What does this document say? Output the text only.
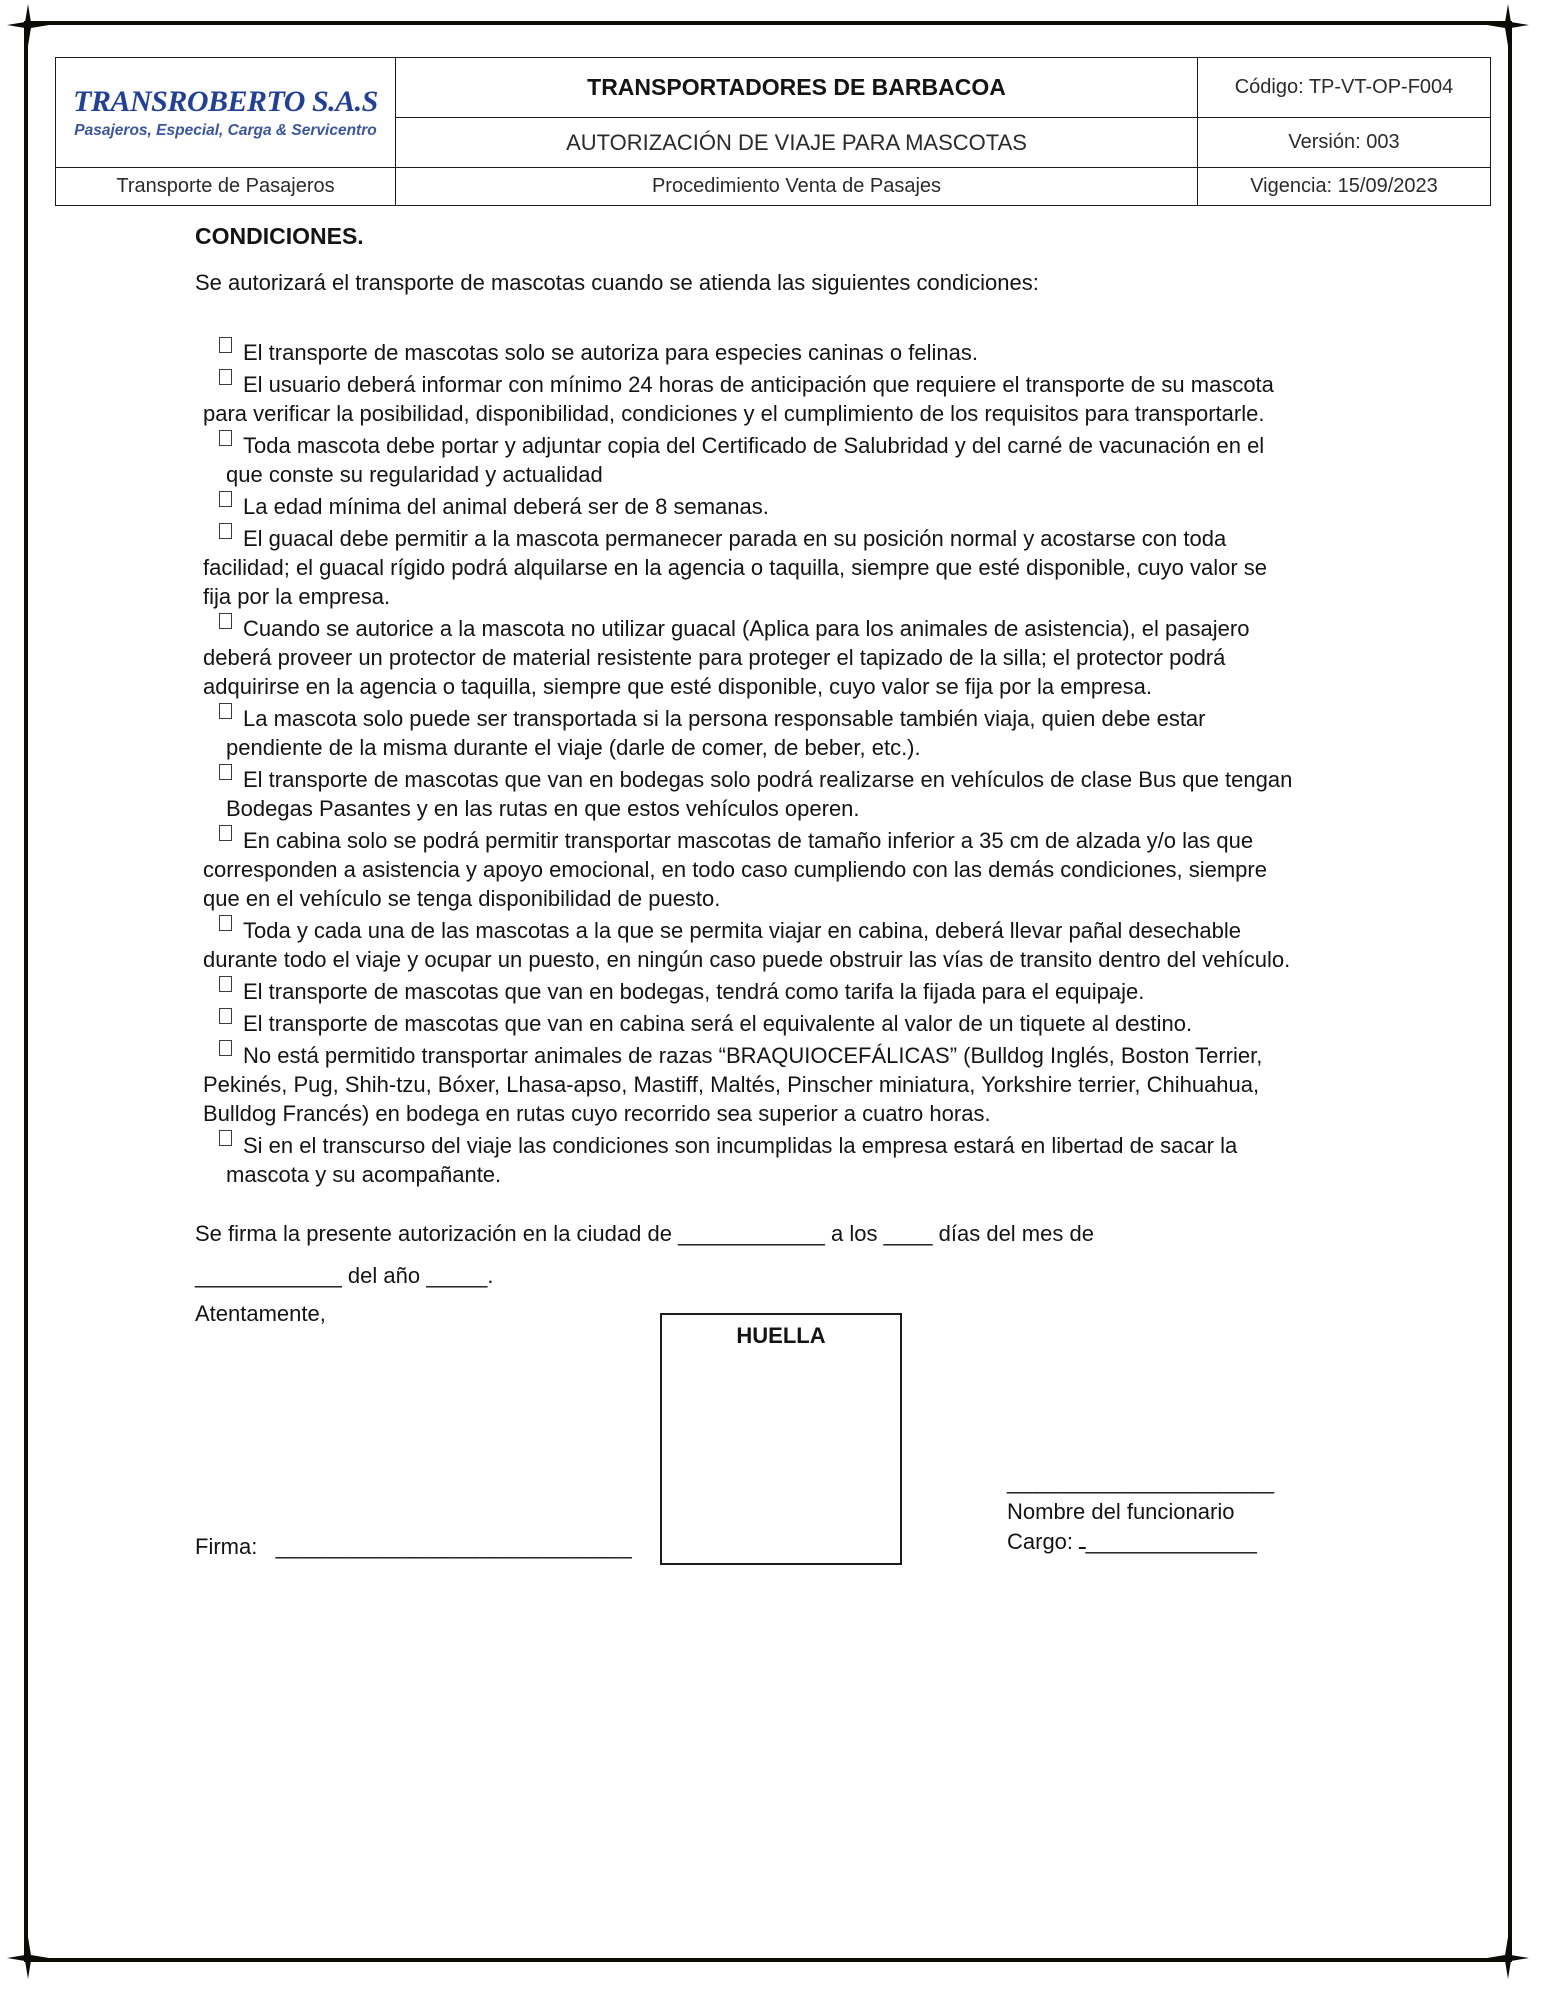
TRANSROBERTO S.A.S
Pasajeros, Especial, Carga & Servicentro	TRANSPORTADORES DE BARBACOA	Código: TP-VT-OP-F004
	AUTORIZACIÓN DE VIAJE PARA MASCOTAS	Versión: 003
Transporte de Pasajeros	Procedimiento Venta de Pasajes	Vigencia: 15/09/2023
CONDICIONES.
Se autorizará el transporte de mascotas cuando se atienda las siguientes condiciones:
El transporte de mascotas solo se autoriza para especies caninas o felinas.
El usuario deberá informar con mínimo 24 horas de anticipación que requiere el transporte de su mascota para verificar la posibilidad, disponibilidad, condiciones y el cumplimiento de los requisitos para transportarle.
Toda mascota debe portar y adjuntar copia del Certificado de Salubridad y del carné de vacunación en el que conste su regularidad y actualidad
La edad mínima del animal deberá ser de 8 semanas.
El guacal debe permitir a la mascota permanecer parada en su posición normal y acostarse con toda facilidad; el guacal rígido podrá alquilarse en la agencia o taquilla, siempre que esté disponible, cuyo valor se fija por la empresa.
Cuando se autorice a la mascota no utilizar guacal (Aplica para los animales de asistencia), el pasajero deberá proveer un protector de material resistente para proteger el tapizado de la silla; el protector podrá adquirirse en la agencia o taquilla, siempre que esté disponible, cuyo valor se fija por la empresa.
La mascota solo puede ser transportada si la persona responsable también viaja, quien debe estar pendiente de la misma durante el viaje (darle de comer, de beber, etc.).
El transporte de mascotas que van en bodegas solo podrá realizarse en vehículos de clase Bus que tengan Bodegas Pasantes y en las rutas en que estos vehículos operen.
En cabina solo se podrá permitir transportar mascotas de tamaño inferior a 35 cm de alzada y/o las que corresponden a asistencia y apoyo emocional, en todo caso cumpliendo con las demás condiciones, siempre que en el vehículo se tenga disponibilidad de puesto.
Toda y cada una de las mascotas a la que se permita viajar en cabina, deberá llevar pañal desechable durante todo el viaje y ocupar un puesto, en ningún caso puede obstruir las vías de transito dentro del vehículo.
El transporte de mascotas que van en bodegas, tendrá como tarifa la fijada para el equipaje.
El transporte de mascotas que van en cabina será el equivalente al valor de un tiquete al destino.
No está permitido transportar animales de razas “BRAQUIOCEFÁLICAS” (Bulldog Inglés, Boston Terrier, Pekinés, Pug, Shih-tzu, Bóxer, Lhasa-apso, Mastiff, Maltés, Pinscher miniatura, Yorkshire terrier, Chihuahua, Bulldog Francés) en bodega en rutas cuyo recorrido sea superior a cuatro horas.
Si en el transcurso del viaje las condiciones son incumplidas la empresa estará en libertad de sacar la mascota y su acompañante.
Se firma la presente autorización en la ciudad de ____________ a los ____ días del mes de
____________ del año _____.
Atentamente,
HUELLA
_____________________
Nombre del funcionario
Cargo: ـ______________
Firma: ____________________________
